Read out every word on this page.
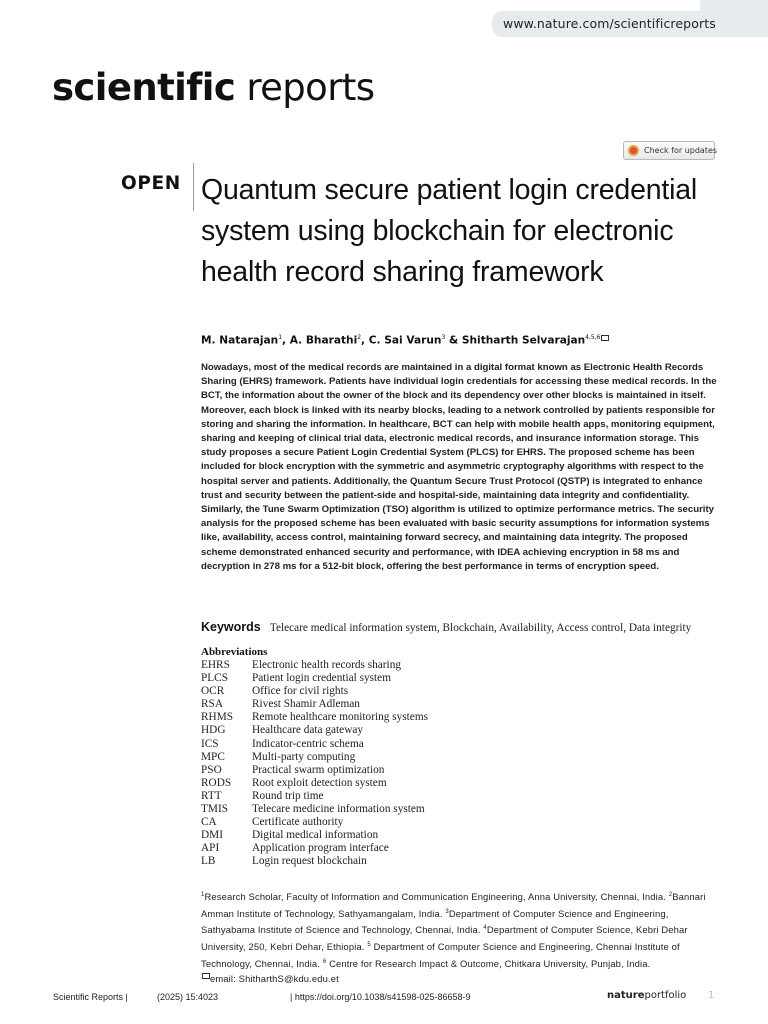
www.nature.com/scientificreports
scientific reports
Check for updates
OPEN Quantum secure patient login credential system using blockchain for electronic health record sharing framework
M. Natarajan$^1$, A. Bharathi$^2$, C. Sai Varun$^3$ & Shitharth Selvarajan$^{4,5,6}$

Nowadays, most of the medical records are maintained in a digital format known as Electronic Health Records Sharing (EHRS) framework. Patients have individual login credentials for accessing these medical records. In the BCT, the information about the owner of the block and its dependency over other blocks is maintained in itself. Moreover, each block is linked with its nearby blocks, leading to a network controlled by patients responsible for storing and sharing the information. In healthcare, BCT can help with mobile health apps, monitoring equipment, sharing and keeping of clinical trial data, electronic medical records, and insurance information storage. This study proposes a secure Patient Login Credential System (PLCS) for EHRS. The proposed scheme has been included for block encryption with the symmetric and asymmetric cryptography algorithms with respect to the hospital server and patients. Additionally, the Quantum Secure Trust Protocol (QSTP) is integrated to enhance trust and security between the patient-side and hospital-side, maintaining data integrity and confidentiality. Similarly, the Tune Swarm Optimization (TSO) algorithm is utilized to optimize performance metrics. The security analysis for the proposed scheme has been evaluated with basic security assumptions for information systems like, availability, access control, maintaining forward secrecy, and maintaining data integrity. The proposed scheme demonstrated enhanced security and performance, with IDEA achieving encryption in 58 ms and decryption in 278 ms for a 512-bit block, offering the best performance in terms of encryption speed.

Keywords Telecare medical information system, Blockchain, Availability, Access control, Data integrity
Abbreviations
EHRS	Electronic health records sharing
PLCS	Patient login credential system
OCR	Office for civil rights
RSA	Rivest Shamir Adleman
RHMS	Remote healthcare monitoring systems
HDG	Healthcare data gateway
ICS	Indicator-centric schema
MPC	Multi-party computing
PSO	Practical swarm optimization
RODS	Root exploit detection system
RTT	Round trip time
TMIS	Telecare medicine information system
CA	Certificate authority
DMI	Digital medical information
API	Application program interface
LB	Login request blockchain
$^1$Research Scholar, Faculty of Information and Communication Engineering, Anna University, Chennai, India. $^2$Bannari Amman Institute of Technology, Sathyamangalam, India. $^3$Department of Computer Science and Engineering, Sathyabama Institute of Science and Technology, Chennai, India. $^4$Department of Computer Science, Kebri Dehar University, 250, Kebri Dehar, Ethiopia. $^5$ Department of Computer Science and Engineering, Chennai Institute of Technology, Chennai, India. $^6$ Centre for Research Impact & Outcome, Chitkara University, Punjab, India.
email: ShitharthS@kdu.edu.et
Scientific Reports |	(2025) 15:4023	| https://doi.org/10.1038/s41598-025-86658-9	natureportfolio 1
